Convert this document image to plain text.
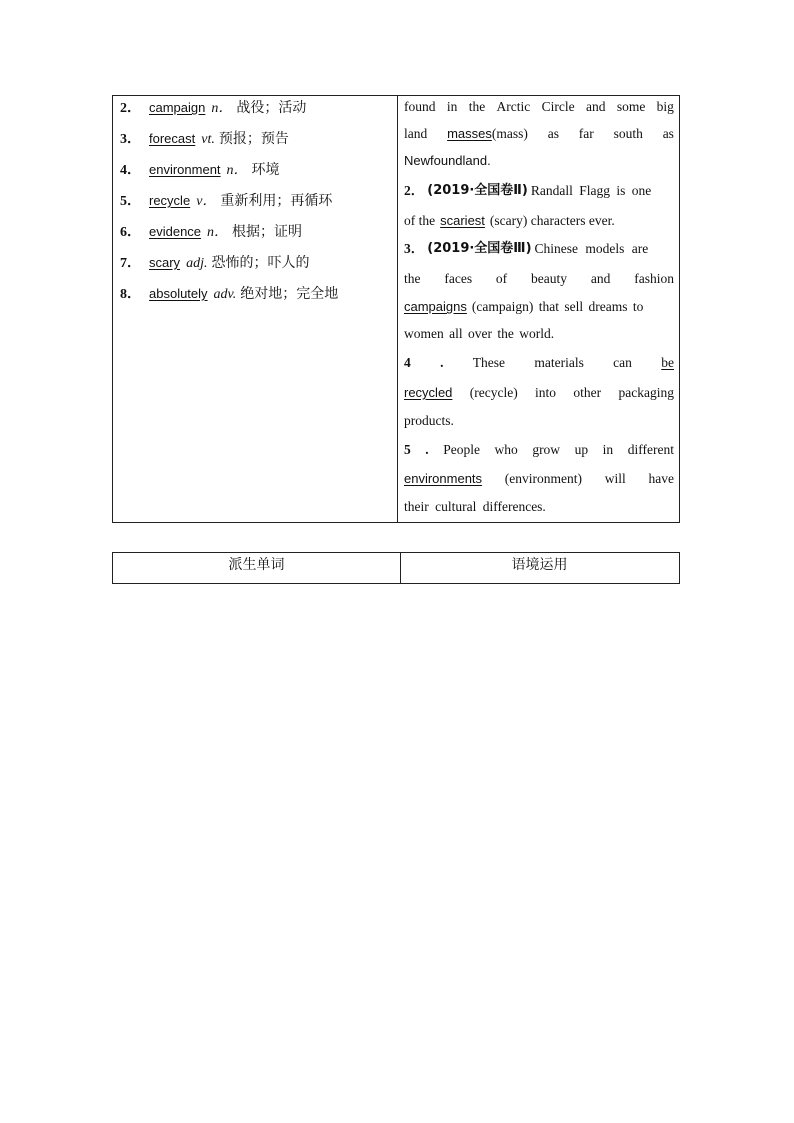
2． campaign n． 战役；活动
3． forecast vt. 预报；预告
4． environment n． 环境
5． recycle v． 重新利用；再循环
6． evidence n． 根据；证明
7． scary adj. 恐怖的；吓人的
8． absolutely adv. 绝对地；完全地
found in the Arctic Circle and some big
land masses(mass) as far south as
Newfoundland.
2． (2019·全国卷Ⅱ) Randall Flagg is one
of the scariest (scary) characters ever.
3． (2019·全国卷Ⅲ) Chinese models are
the faces of beauty and fashion
campaigns (campaign) that sell dreams to
women all over the world.
4 . These materials can be
recycled (recycle) into other packaging
products.
5 . People who grow up in different
environments (environment) will have
their cultural differences.
派生单词	语境运用
